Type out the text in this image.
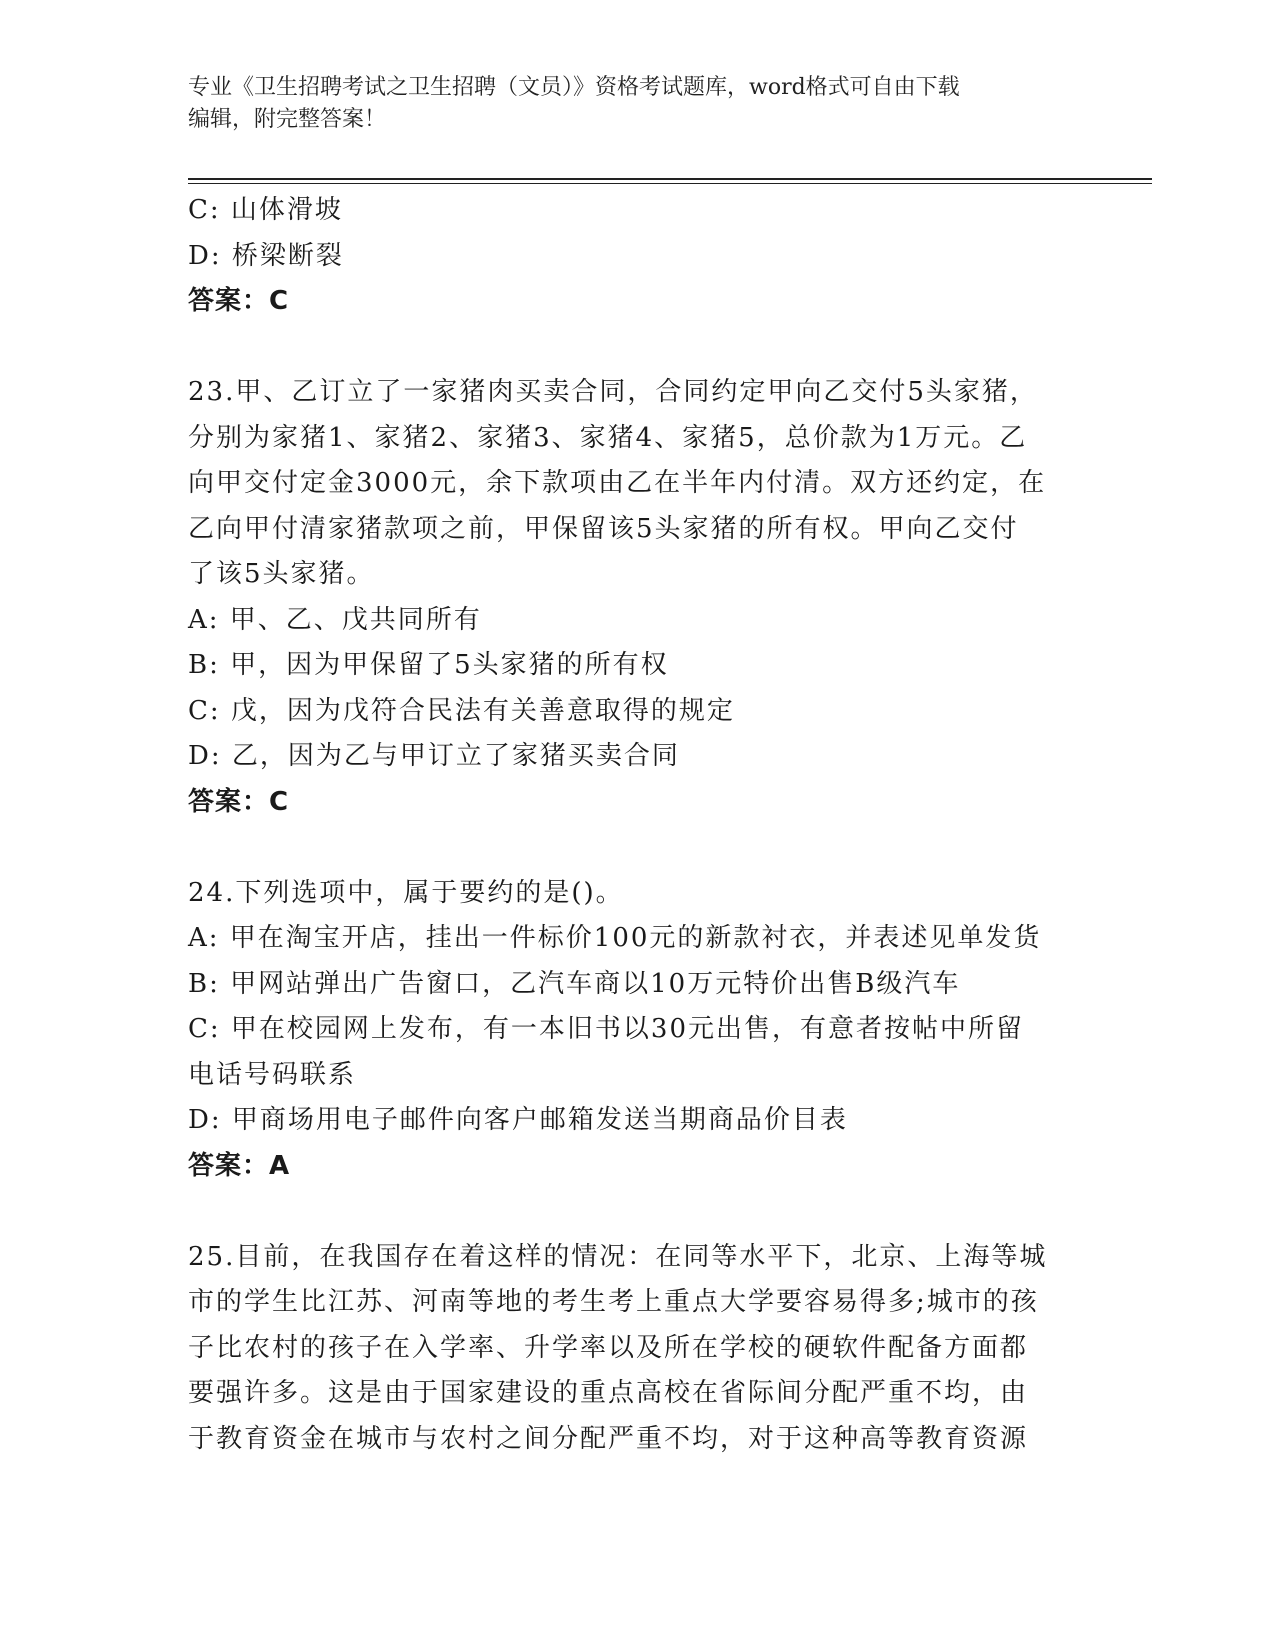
专业《卫生招聘考试之卫生招聘（文员）》资格考试题库，word格式可自由下载
编辑，附完整答案！
C: 山体滑坡
D: 桥梁断裂
答案：C
23.甲、乙订立了一家猪肉买卖合同，合同约定甲向乙交付5头家猪，
分别为家猪1、家猪2、家猪3、家猪4、家猪5，总价款为1万元。乙
向甲交付定金3000元，余下款项由乙在半年内付清。双方还约定，在
乙向甲付清家猪款项之前，甲保留该5头家猪的所有权。甲向乙交付
了该5头家猪。
A: 甲、乙、戊共同所有
B: 甲，因为甲保留了5头家猪的所有权
C: 戊，因为戊符合民法有关善意取得的规定
D: 乙，因为乙与甲订立了家猪买卖合同
答案：C
24.下列选项中，属于要约的是()。
A: 甲在淘宝开店，挂出一件标价100元的新款衬衣，并表述见单发货
B: 甲网站弹出广告窗口，乙汽车商以10万元特价出售B级汽车
C: 甲在校园网上发布，有一本旧书以30元出售，有意者按帖中所留
电话号码联系
D: 甲商场用电子邮件向客户邮箱发送当期商品价目表
答案：A
25.目前，在我国存在着这样的情况：在同等水平下，北京、上海等城
市的学生比江苏、河南等地的考生考上重点大学要容易得多;城市的孩
子比农村的孩子在入学率、升学率以及所在学校的硬软件配备方面都
要强许多。这是由于国家建设的重点高校在省际间分配严重不均，由
于教育资金在城市与农村之间分配严重不均，对于这种高等教育资源
